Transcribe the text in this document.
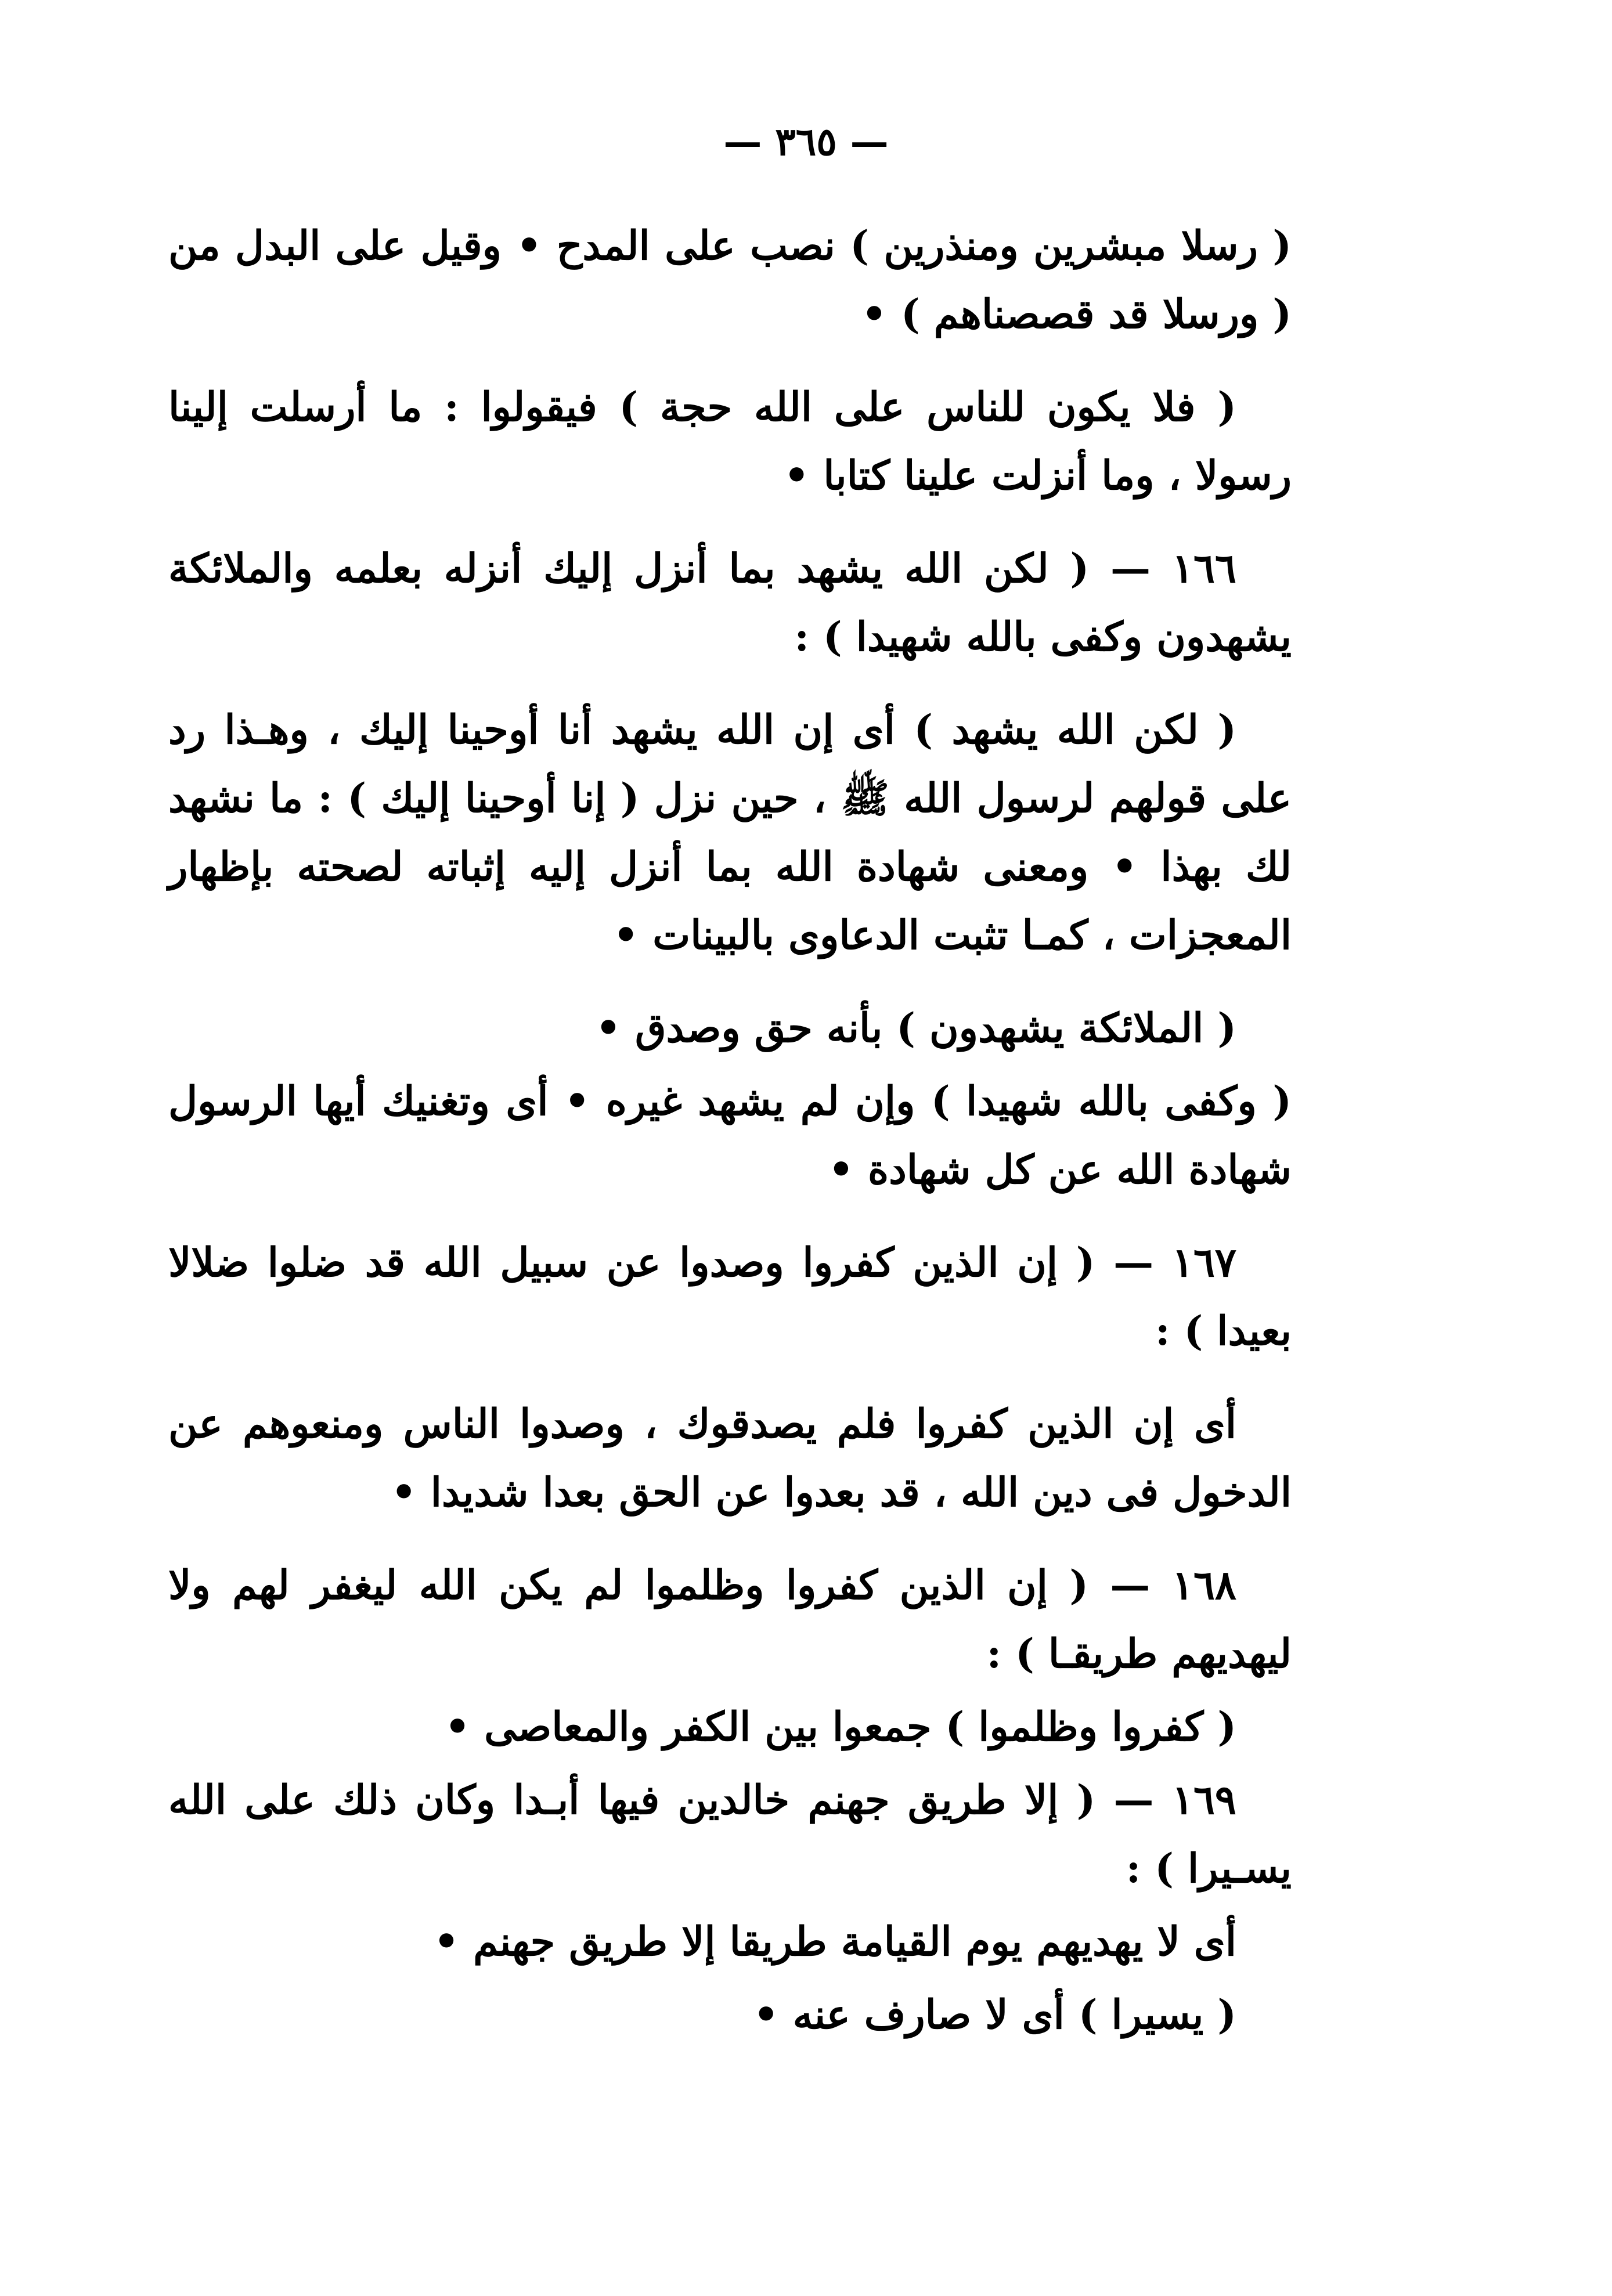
— ٣٦٥ —

( رسلا مبشرين ومنذرين ) نصب على المدح • وقيل على البدل من ( ورسلا قد قصصناهم ) •

( فلا يكون للناس على الله حجة ) فيقولوا : ما أرسلت إلينا رسولا ، وما أنزلت علينا كتابا •

١٦٦ — ( لكن الله يشهد بما أنزل إليك أنزله بعلمه والملائكة يشهدون وكفى بالله شهيدا ) :

( لكن الله يشهد ) أى إن الله يشهد أنا أوحينا إليك ، وهـذا رد على قولهم لرسول الله ﷺ ، حين نزل ( إنا أوحينا إليك ) : ما نشهد لك بهذا • ومعنى شهادة الله بما أنزل إليه إثباته لصحته بإظهار المعجزات ، كمـا تثبت الدعاوى بالبينات •

( الملائكة يشهدون ) بأنه حق وصدق •

( وكفى بالله شهيدا ) وإن لم يشهد غيره • أى وتغنيك أيها الرسول شهادة الله عن كل شهادة •

١٦٧ — ( إن الذين كفروا وصدوا عن سبيل الله قد ضلوا ضلالا بعيدا ) :

أى إن الذين كفروا فلم يصدقوك ، وصدوا الناس ومنعوهم عن الدخول فى دين الله ، قد بعدوا عن الحق بعدا شديدا •

١٦٨ — ( إن الذين كفروا وظلموا لم يكن الله ليغفر لهم ولا ليهديهم طريقـا ) :

( كفروا وظلموا ) جمعوا بين الكفر والمعاصى •

١٦٩ — ( إلا طريق جهنم خالدين فيها أبـدا وكان ذلك على الله يسـيرا ) :

أى لا يهديهم يوم القيامة طريقا إلا طريق جهنم •

( يسيرا ) أى لا صارف عنه •
